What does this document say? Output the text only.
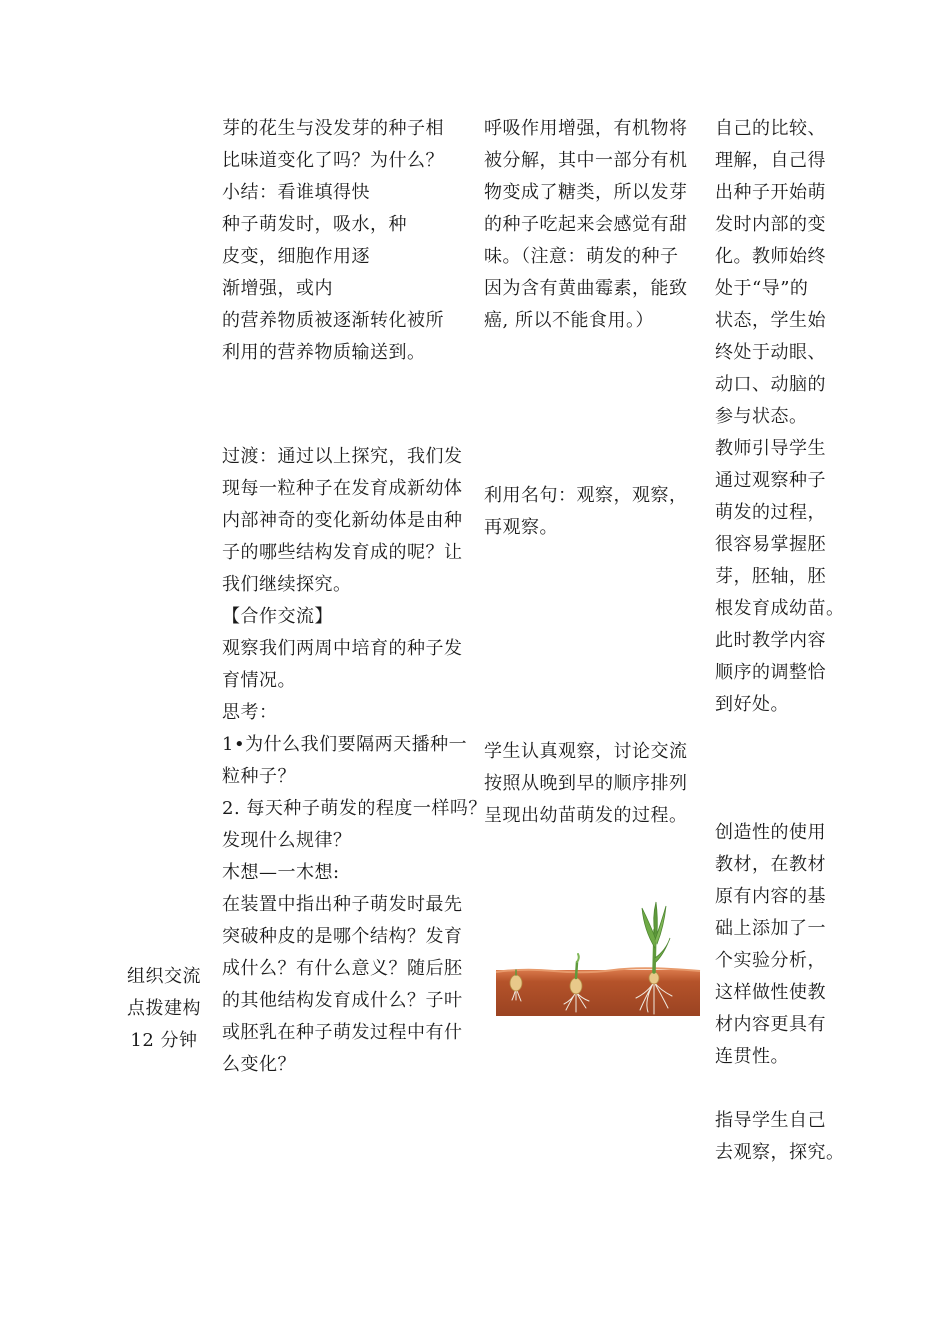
组织交流
点拨建构
12 分钟
芽的花生与没发芽的种子相
比味道变化了吗？为什么？
小结：看谁填得快
种子萌发时，吸水，种
皮变，细胞作用逐
渐增强，或内
的营养物质被逐渐转化被所
利用的营养物质输送到。
过渡：通过以上探究，我们发
现每一粒种子在发育成新幼体
内部神奇的变化新幼体是由种
子的哪些结构发育成的呢？让
我们继续探究。
【合作交流】
观察我们两周中培育的种子发
育情况。
思考：
1•为什么我们要隔两天播种一
粒种子？
2. 每天种子萌发的程度一样吗？
发现什么规律？
木想—一木想:
在装置中指出种子萌发时最先
突破种皮的是哪个结构？发育
成什么？有什么意义？随后胚
的其他结构发育成什么？子叶
或胚乳在种子萌发过程中有什
么变化？
呼吸作用增强，有机物将
被分解，其中一部分有机
物变成了糖类，所以发芽
的种子吃起来会感觉有甜
味。（注意：萌发的种子
因为含有黄曲霉素，能致
癌, 所以不能食用。）
利用名句：观察，观察，
再观察。
学生认真观察，讨论交流
按照从晚到早的顺序排列
呈现出幼苗萌发的过程。
自己的比较、
理解，自己得
出种子开始萌
发时内部的变
化。教师始终
处于“导”的
状态，学生始
终处于动眼、
动口、动脑的
参与状态。
教师引导学生
通过观察种子
萌发的过程，
很容易掌握胚
芽，胚轴，胚
根发育成幼苗。
此时教学内容
顺序的调整恰
到好处。
创造性的使用
教材，在教材
原有内容的基
础上添加了一
个实验分析，
这样做性使教
材内容更具有
连贯性。
指导学生自己
去观察，探究。
